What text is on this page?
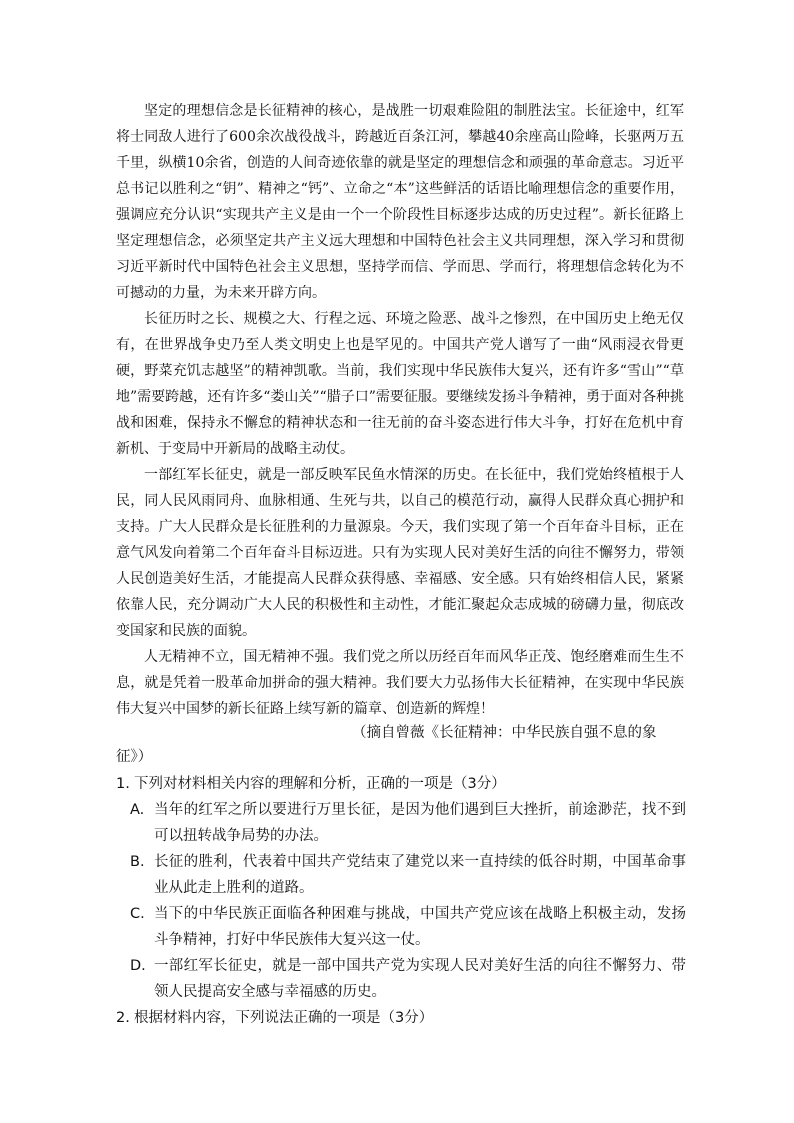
坚定的理想信念是长征精神的核心，是战胜一切艰难险阻的制胜法宝。长征途中，红军将士同敌人进行了600余次战役战斗，跨越近百条江河，攀越40余座高山险峰，长驱两万五千里，纵横10余省，创造的人间奇迹依靠的就是坚定的理想信念和顽强的革命意志。习近平总书记以胜利之“钥”、精神之“钙”、立命之“本”这些鲜活的话语比喻理想信念的重要作用，强调应充分认识“实现共产主义是由一个一个阶段性目标逐步达成的历史过程”。新长征路上坚定理想信念，必须坚定共产主义远大理想和中国特色社会主义共同理想，深入学习和贯彻习近平新时代中国特色社会主义思想，坚持学而信、学而思、学而行，将理想信念转化为不可撼动的力量，为未来开辟方向。

长征历时之长、规模之大、行程之远、环境之险恶、战斗之惨烈，在中国历史上绝无仅有，在世界战争史乃至人类文明史上也是罕见的。中国共产党人谱写了一曲“风雨浸衣骨更硬，野菜充饥志越坚”的精神凯歌。当前，我们实现中华民族伟大复兴，还有许多“雪山”“草地”需要跨越，还有许多“娄山关”“腊子口”需要征服。要继续发扬斗争精神，勇于面对各种挑战和困难，保持永不懈怠的精神状态和一往无前的奋斗姿态进行伟大斗争，打好在危机中育新机、于变局中开新局的战略主动仗。

一部红军长征史，就是一部反映军民鱼水情深的历史。在长征中，我们党始终植根于人民，同人民风雨同舟、血脉相通、生死与共，以自己的模范行动，赢得人民群众真心拥护和支持。广大人民群众是长征胜利的力量源泉。今天，我们实现了第一个百年奋斗目标，正在意气风发向着第二个百年奋斗目标迈进。只有为实现人民对美好生活的向往不懈努力，带领人民创造美好生活，才能提高人民群众获得感、幸福感、安全感。只有始终相信人民，紧紧依靠人民，充分调动广大人民的积极性和主动性，才能汇聚起众志成城的磅礴力量，彻底改变国家和民族的面貌。

人无精神不立，国无精神不强。我们党之所以历经百年而风华正茂、饱经磨难而生生不息，就是凭着一股革命加拼命的强大精神。我们要大力弘扬伟大长征精神，在实现中华民族伟大复兴中国梦的新长征路上续写新的篇章、创造新的辉煌！

（摘自曾薇《长征精神：中华民族自强不息的象
征》）

1. 下列对材料相关内容的理解和分析，正确的一项是（3分）

A. 当年的红军之所以要进行万里长征，是因为他们遇到巨大挫折，前途渺茫，找不到可以扭转战争局势的办法。

B. 长征的胜利，代表着中国共产党结束了建党以来一直持续的低谷时期，中国革命事业从此走上胜利的道路。

C. 当下的中华民族正面临各种困难与挑战，中国共产党应该在战略上积极主动，发扬斗争精神，打好中华民族伟大复兴这一仗。

D. 一部红军长征史，就是一部中国共产党为实现人民对美好生活的向往不懈努力、带领人民提高安全感与幸福感的历史。

2. 根据材料内容，下列说法正确的一项是（3分）
